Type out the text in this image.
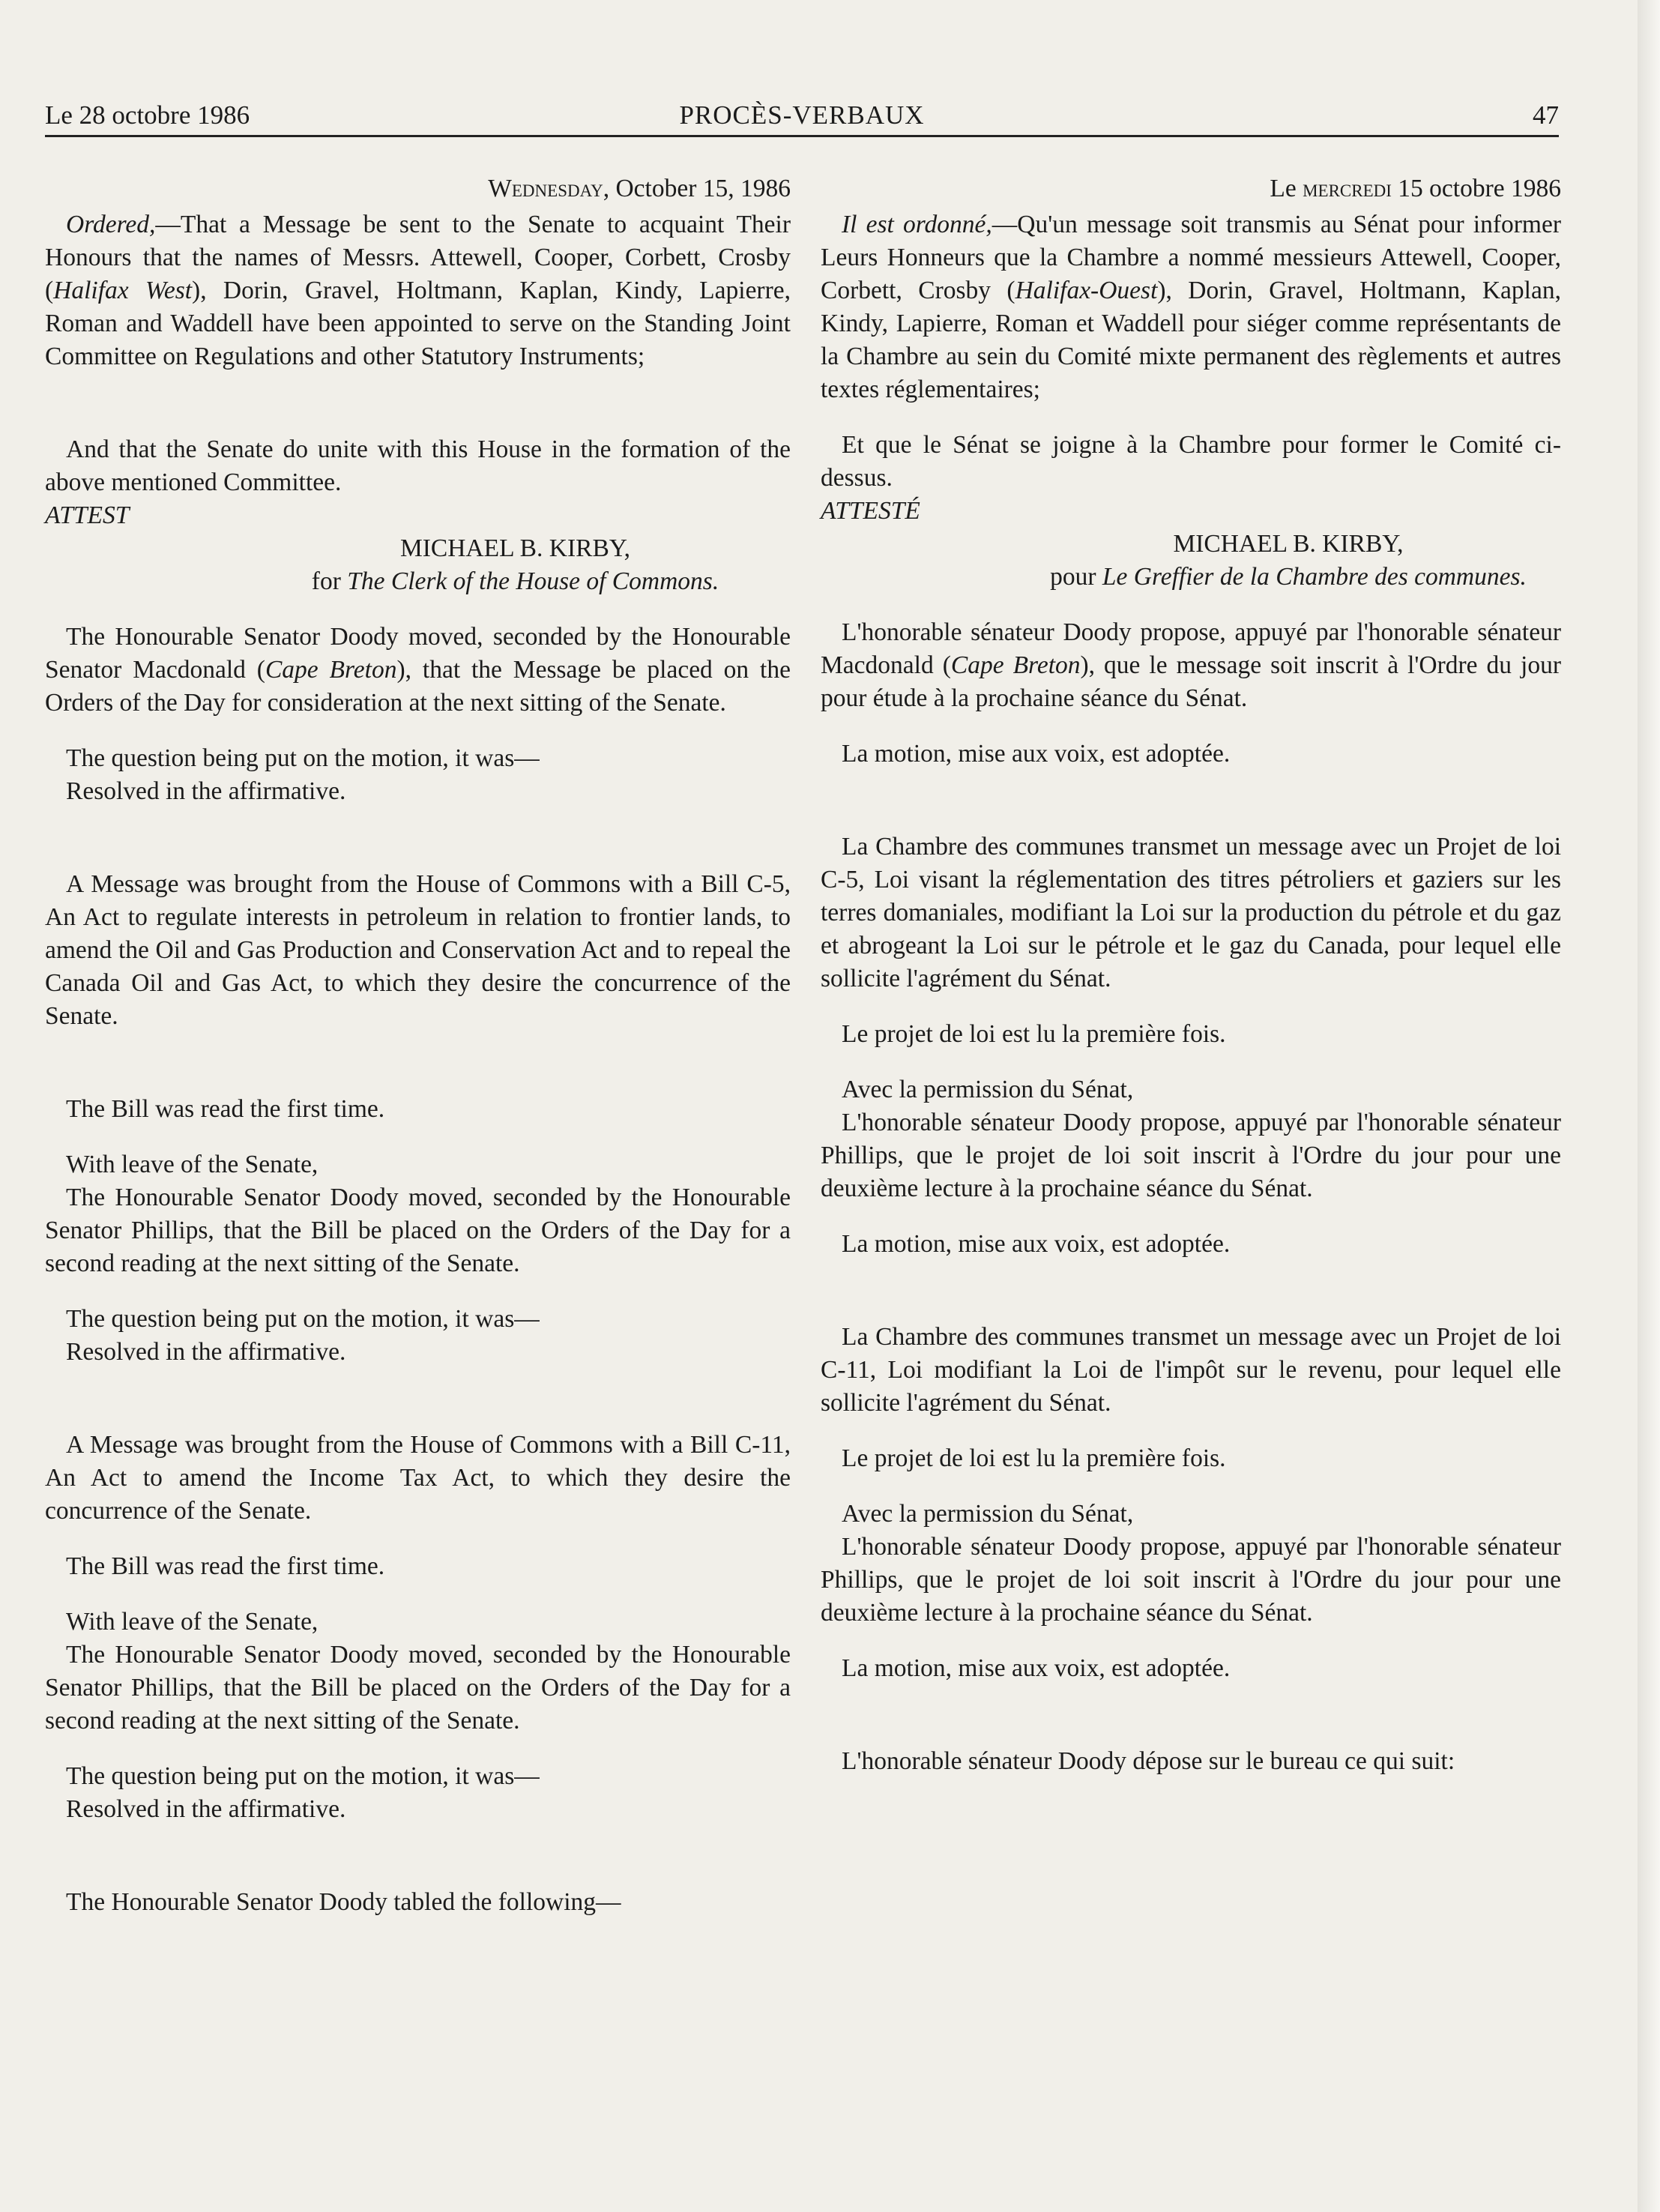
Le 28 octobre 1986	PROCÈS-VERBAUX	47

Wednesday, October 15, 1986

Ordered,—That a Message be sent to the Senate to acquaint Their Honours that the names of Messrs. Attewell, Cooper, Corbett, Crosby (Halifax West), Dorin, Gravel, Holtmann, Kaplan, Kindy, Lapierre, Roman and Waddell have been appointed to serve on the Standing Joint Committee on Regulations and other Statutory Instruments;

And that the Senate do unite with this House in the formation of the above mentioned Committee.

ATTEST

MICHAEL B. KIRBY,

for The Clerk of the House of Commons.

The Honourable Senator Doody moved, seconded by the Honourable Senator Macdonald (Cape Breton), that the Message be placed on the Orders of the Day for consideration at the next sitting of the Senate.

The question being put on the motion, it was—

Resolved in the affirmative.

A Message was brought from the House of Commons with a Bill C-5, An Act to regulate interests in petroleum in relation to frontier lands, to amend the Oil and Gas Production and Conservation Act and to repeal the Canada Oil and Gas Act, to which they desire the concurrence of the Senate.

The Bill was read the first time.

With leave of the Senate,

The Honourable Senator Doody moved, seconded by the Honourable Senator Phillips, that the Bill be placed on the Orders of the Day for a second reading at the next sitting of the Senate.

The question being put on the motion, it was—

Resolved in the affirmative.

A Message was brought from the House of Commons with a Bill C-11, An Act to amend the Income Tax Act, to which they desire the concurrence of the Senate.

The Bill was read the first time.

With leave of the Senate,

The Honourable Senator Doody moved, seconded by the Honourable Senator Phillips, that the Bill be placed on the Orders of the Day for a second reading at the next sitting of the Senate.

The question being put on the motion, it was—

Resolved in the affirmative.

The Honourable Senator Doody tabled the following—

Le mercredi 15 octobre 1986

Il est ordonné,—Qu'un message soit transmis au Sénat pour informer Leurs Honneurs que la Chambre a nommé messieurs Attewell, Cooper, Corbett, Crosby (Halifax-Ouest), Dorin, Gravel, Holtmann, Kaplan, Kindy, Lapierre, Roman et Waddell pour siéger comme représentants de la Chambre au sein du Comité mixte permanent des règlements et autres textes réglementaires;

Et que le Sénat se joigne à la Chambre pour former le Comité ci-dessus.

ATTESTÉ

MICHAEL B. KIRBY,

pour Le Greffier de la Chambre des communes.

L'honorable sénateur Doody propose, appuyé par l'honorable sénateur Macdonald (Cape Breton), que le message soit inscrit à l'Ordre du jour pour étude à la prochaine séance du Sénat.

La motion, mise aux voix, est adoptée.

La Chambre des communes transmet un message avec un Projet de loi C-5, Loi visant la réglementation des titres pétroliers et gaziers sur les terres domaniales, modifiant la Loi sur la production du pétrole et du gaz et abrogeant la Loi sur le pétrole et le gaz du Canada, pour lequel elle sollicite l'agrément du Sénat.

Le projet de loi est lu la première fois.

Avec la permission du Sénat,

L'honorable sénateur Doody propose, appuyé par l'honorable sénateur Phillips, que le projet de loi soit inscrit à l'Ordre du jour pour une deuxième lecture à la prochaine séance du Sénat.

La motion, mise aux voix, est adoptée.

La Chambre des communes transmet un message avec un Projet de loi C-11, Loi modifiant la Loi de l'impôt sur le revenu, pour lequel elle sollicite l'agrément du Sénat.

Le projet de loi est lu la première fois.

Avec la permission du Sénat,

L'honorable sénateur Doody propose, appuyé par l'honorable sénateur Phillips, que le projet de loi soit inscrit à l'Ordre du jour pour une deuxième lecture à la prochaine séance du Sénat.

La motion, mise aux voix, est adoptée.

L'honorable sénateur Doody dépose sur le bureau ce qui suit:
